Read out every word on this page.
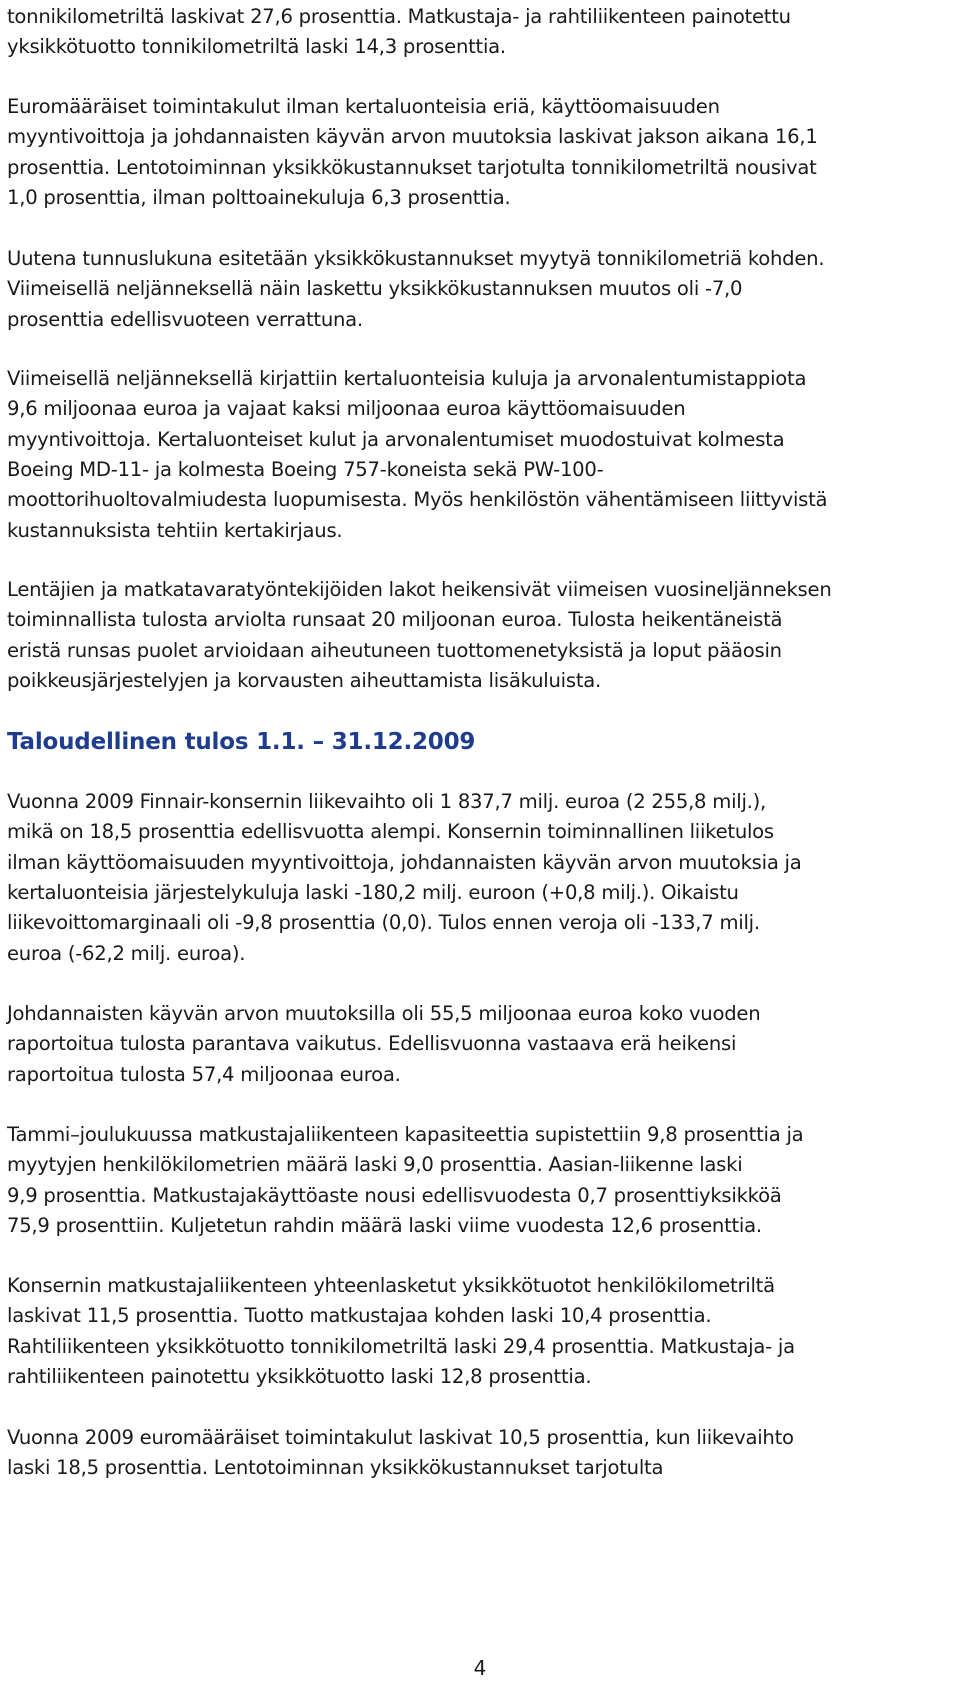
tonnikilometriltä laskivat 27,6 prosenttia. Matkustaja- ja rahtiliikenteen painotettu
yksikkötuotto tonnikilometriltä laski 14,3 prosenttia.

Euromääräiset toimintakulut ilman kertaluonteisia eriä, käyttöomaisuuden
myyntivoittoja ja johdannaisten käyvän arvon muutoksia laskivat jakson aikana 16,1
prosenttia. Lentotoiminnan yksikkökustannukset tarjotulta tonnikilometriltä nousivat
1,0 prosenttia, ilman polttoainekuluja 6,3 prosenttia.

Uutena tunnuslukuna esitetään yksikkökustannukset myytyä tonnikilometriä kohden.
Viimeisellä neljänneksellä näin laskettu yksikkökustannuksen muutos oli -7,0
prosenttia edellisvuoteen verrattuna.

Viimeisellä neljänneksellä kirjattiin kertaluonteisia kuluja ja arvonalentumistappiota
9,6 miljoonaa euroa ja vajaat kaksi miljoonaa euroa käyttöomaisuuden
myyntivoittoja. Kertaluonteiset kulut ja arvonalentumiset muodostuivat kolmesta
Boeing MD-11- ja kolmesta Boeing 757-koneista sekä PW-100-
moottorihuoltovalmiudesta luopumisesta. Myös henkilöstön vähentämiseen liittyvistä
kustannuksista tehtiin kertakirjaus.

Lentäjien ja matkatavaratyöntekijöiden lakot heikensivät viimeisen vuosineljänneksen
toiminnallista tulosta arviolta runsaat 20 miljoonan euroa. Tulosta heikentäneistä
eristä runsas puolet arvioidaan aiheutuneen tuottomenetyksistä ja loput pääosin
poikkeusjärjestelyjen ja korvausten aiheuttamista lisäkuluista.

Taloudellinen tulos 1.1. – 31.12.2009

Vuonna 2009 Finnair-konsernin liikevaihto oli 1 837,7 milj. euroa (2 255,8 milj.),
mikä on 18,5 prosenttia edellisvuotta alempi. Konsernin toiminnallinen liiketulos
ilman käyttöomaisuuden myyntivoittoja, johdannaisten käyvän arvon muutoksia ja
kertaluonteisia järjestelykuluja laski -180,2 milj. euroon (+0,8 milj.). Oikaistu
liikevoittomarginaali oli -9,8 prosenttia (0,0). Tulos ennen veroja oli -133,7 milj.
euroa (-62,2 milj. euroa).

Johdannaisten käyvän arvon muutoksilla oli 55,5 miljoonaa euroa koko vuoden
raportoitua tulosta parantava vaikutus. Edellisvuonna vastaava erä heikensi
raportoitua tulosta 57,4 miljoonaa euroa.

Tammi–joulukuussa matkustajaliikenteen kapasiteettia supistettiin 9,8 prosenttia ja
myytyjen henkilökilometrien määrä laski 9,0 prosenttia. Aasian-liikenne laski
9,9 prosenttia. Matkustajakäyttöaste nousi edellisvuodesta 0,7 prosenttiyksikköä
75,9 prosenttiin. Kuljetetun rahdin määrä laski viime vuodesta 12,6 prosenttia.

Konsernin matkustajaliikenteen yhteenlasketut yksikkötuotot henkilökilometriltä
laskivat 11,5 prosenttia. Tuotto matkustajaa kohden laski 10,4 prosenttia.
Rahtiliikenteen yksikkötuotto tonnikilometriltä laski 29,4 prosenttia. Matkustaja- ja
rahtiliikenteen painotettu yksikkötuotto laski 12,8 prosenttia.

Vuonna 2009 euromääräiset toimintakulut laskivat 10,5 prosenttia, kun liikevaihto
laski 18,5 prosenttia. Lentotoiminnan yksikkökustannukset tarjotulta

4
